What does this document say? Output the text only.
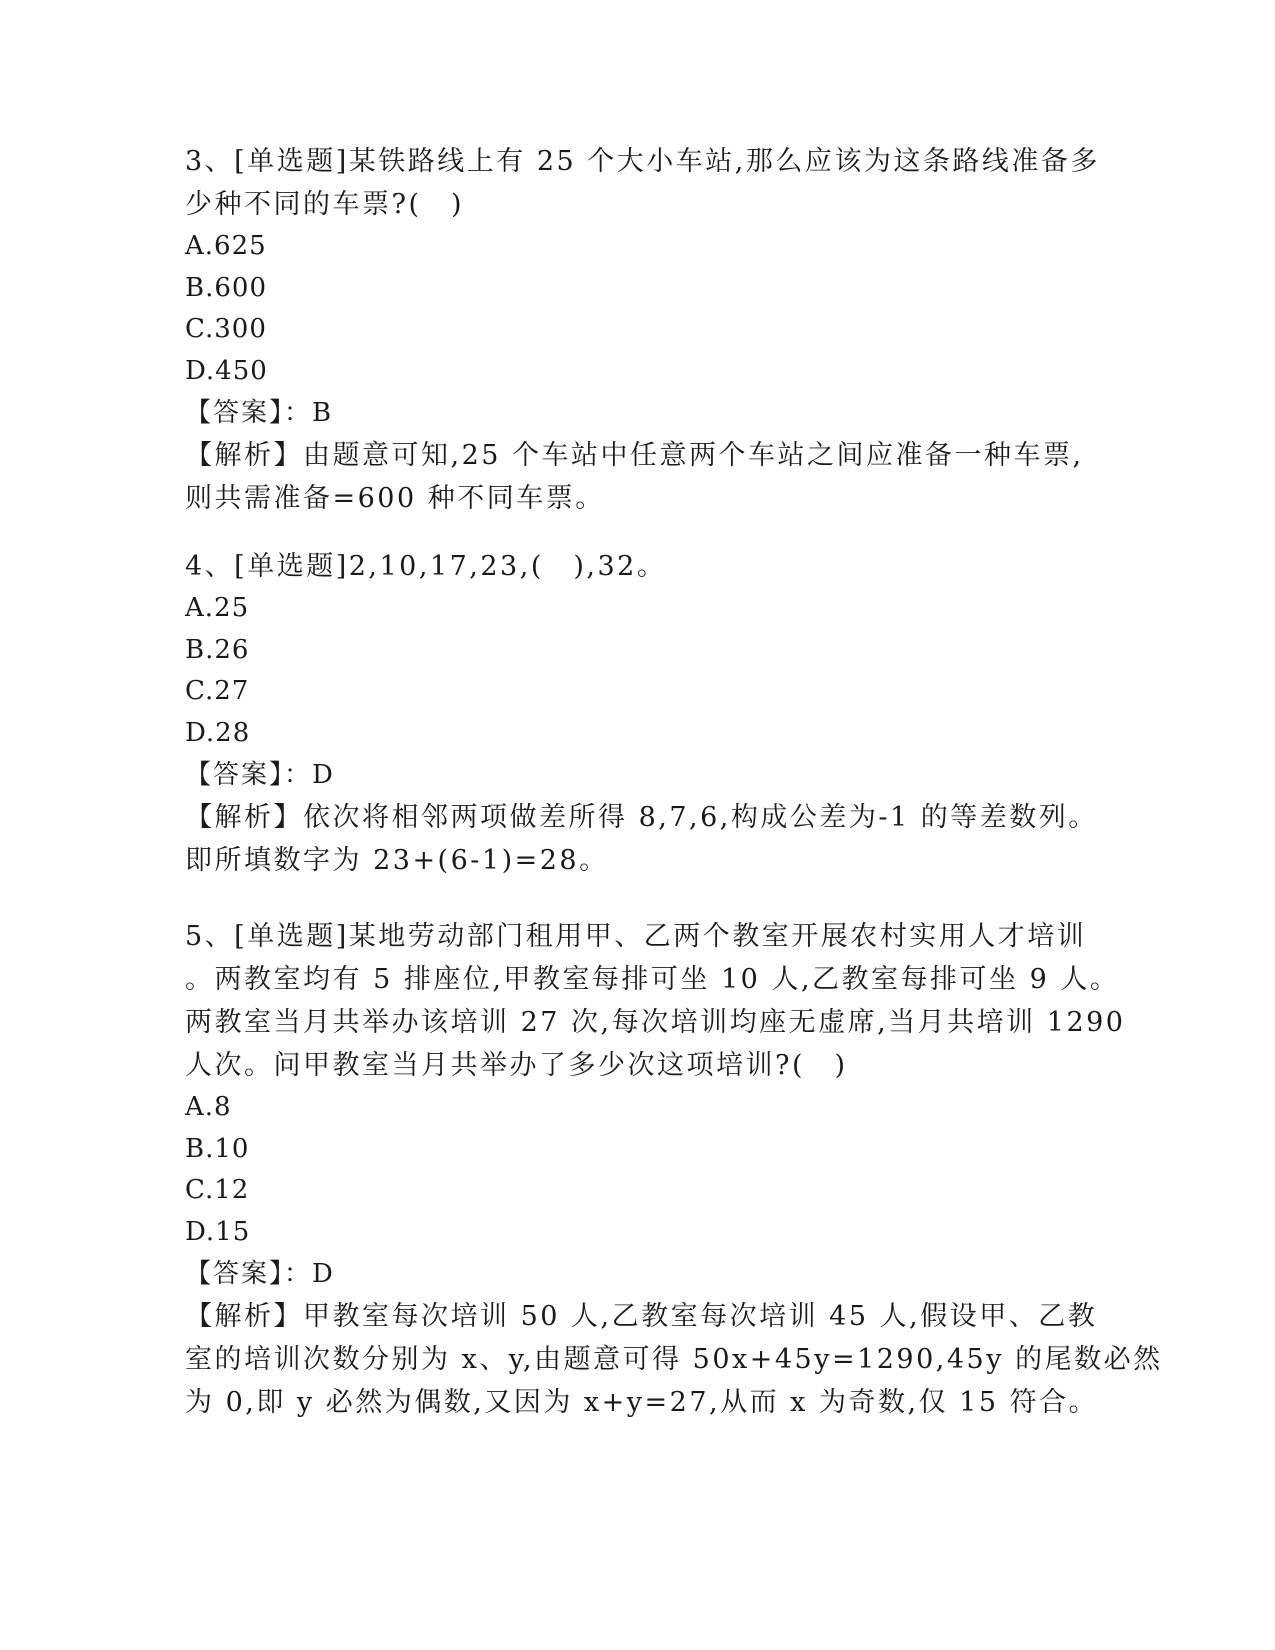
3、[单选题]某铁路线上有 25 个大小车站,那么应该为这条路线准备多

少种不同的车票?(　)

A.625

B.600

C.300

D.450

【答案】：B

【解析】由题意可知,25 个车站中任意两个车站之间应准备一种车票,

则共需准备=600 种不同车票。

4、[单选题]2,10,17,23,(　),32。

A.25

B.26

C.27

D.28

【答案】：D

【解析】依次将相邻两项做差所得 8,7,6,构成公差为-1 的等差数列。

即所填数字为 23+(6-1)=28。

5、[单选题]某地劳动部门租用甲、乙两个教室开展农村实用人才培训

。两教室均有 5 排座位,甲教室每排可坐 10 人,乙教室每排可坐 9 人。

两教室当月共举办该培训 27 次,每次培训均座无虚席,当月共培训 1290

人次。问甲教室当月共举办了多少次这项培训?(　)

A.8

B.10

C.12

D.15

【答案】：D

【解析】甲教室每次培训 50 人,乙教室每次培训 45 人,假设甲、乙教

室的培训次数分别为 x、y,由题意可得 50x+45y=1290,45y 的尾数必然

为 0,即 y 必然为偶数,又因为 x+y=27,从而 x 为奇数,仅 15 符合。
